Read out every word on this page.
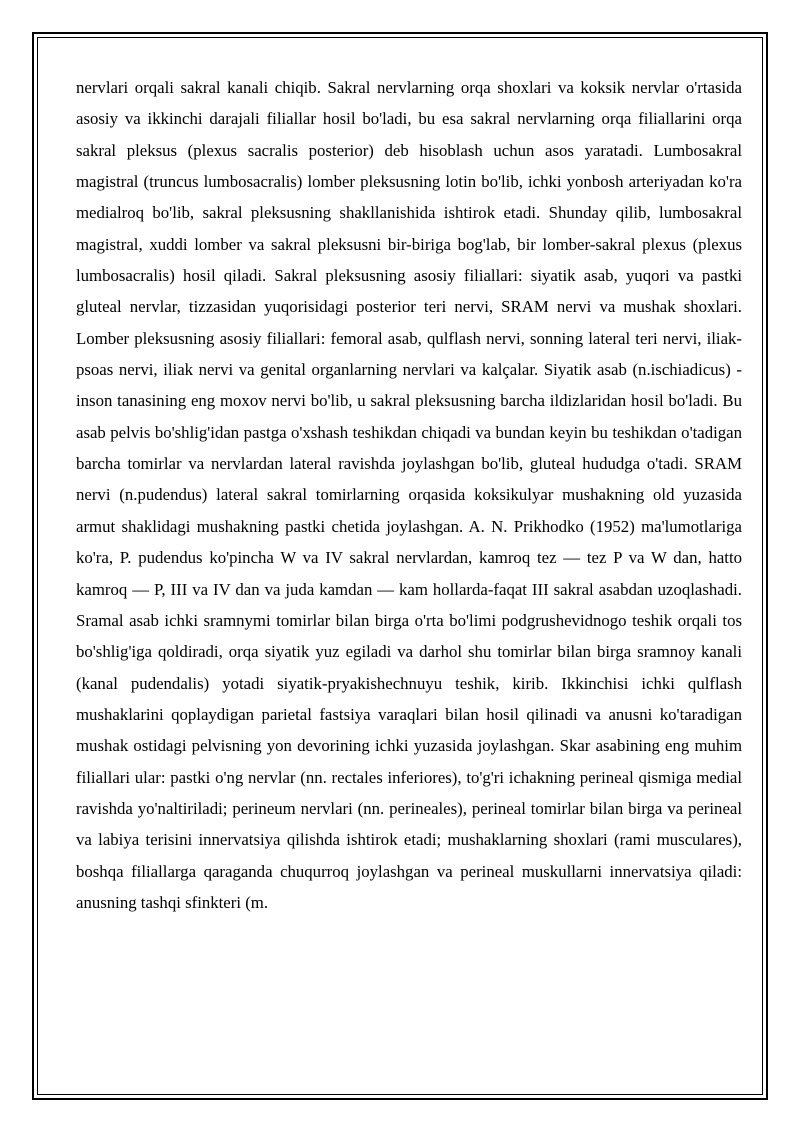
nervlari orqali sakral kanali chiqib. Sakral nervlarning orqa shoxlari va koksik nervlar o'rtasida asosiy va ikkinchi darajali filiallar hosil bo'ladi, bu esa sakral nervlarning orqa filiallarini orqa sakral pleksus (plexus sacralis posterior) deb hisoblash uchun asos yaratadi. Lumbosakral magistral (truncus lumbosacralis) lomber pleksusning lotin bo'lib, ichki yonbosh arteriyadan ko'ra medialroq bo'lib, sakral pleksusning shakllanishida ishtirok etadi. Shunday qilib, lumbosakral magistral, xuddi lomber va sakral pleksusni bir-biriga bog'lab, bir lomber-sakral plexus (plexus lumbosacralis) hosil qiladi. Sakral pleksusning asosiy filiallari: siyatik asab, yuqori va pastki gluteal nervlar, tizzasidan yuqorisidagi posterior teri nervi, SRAM nervi va mushak shoxlari. Lomber pleksusning asosiy filiallari: femoral asab, qulflash nervi, sonning lateral teri nervi, iliak-psoas nervi, iliak nervi va genital organlarning nervlari va kalçalar. Siyatik asab (n.ischiadicus) - inson tanasining eng moxov nervi bo'lib, u sakral pleksusning barcha ildizlaridan hosil bo'ladi. Bu asab pelvis bo'shlig'idan pastga o'xshash teshikdan chiqadi va bundan keyin bu teshikdan o'tadigan barcha tomirlar va nervlardan lateral ravishda joylashgan bo'lib, gluteal hududga o'tadi. SRAM nervi (n.pudendus) lateral sakral tomirlarning orqasida koksikulyar mushakning old yuzasida armut shaklidagi mushakning pastki chetida joylashgan. A. N. Prikhodko (1952) ma'lumotlariga ko'ra, P. pudendus ko'pincha W va IV sakral nervlardan, kamroq tez — tez P va W dan, hatto kamroq — P, III va IV dan va juda kamdan — kam hollarda-faqat III sakral asabdan uzoqlashadi. Sramal asab ichki sramnymi tomirlar bilan birga o'rta bo'limi podgrushevidnogo teshik orqali tos bo'shlig'iga qoldiradi, orqa siyatik yuz egiladi va darhol shu tomirlar bilan birga sramnoy kanali (kanal pudendalis) yotadi siyatik-pryakishechnuyu teshik, kirib. Ikkinchisi ichki qulflash mushaklarini qoplaydigan parietal fastsiya varaqlari bilan hosil qilinadi va anusni ko'taradigan mushak ostidagi pelvisning yon devorining ichki yuzasida joylashgan. Skar asabining eng muhim filiallari ular: pastki o'ng nervlar (nn. rectales inferiores), to'g'ri ichakning perineal qismiga medial ravishda yo'naltiriladi; perineum nervlari (nn. perineales), perineal tomirlar bilan birga va perineal va labiya terisini innervatsiya qilishda ishtirok etadi; mushaklarning shoxlari (rami musculares), boshqa filiallarga qaraganda chuqurroq joylashgan va perineal muskullarni innervatsiya qiladi: anusning tashqi sfinkteri (m.
